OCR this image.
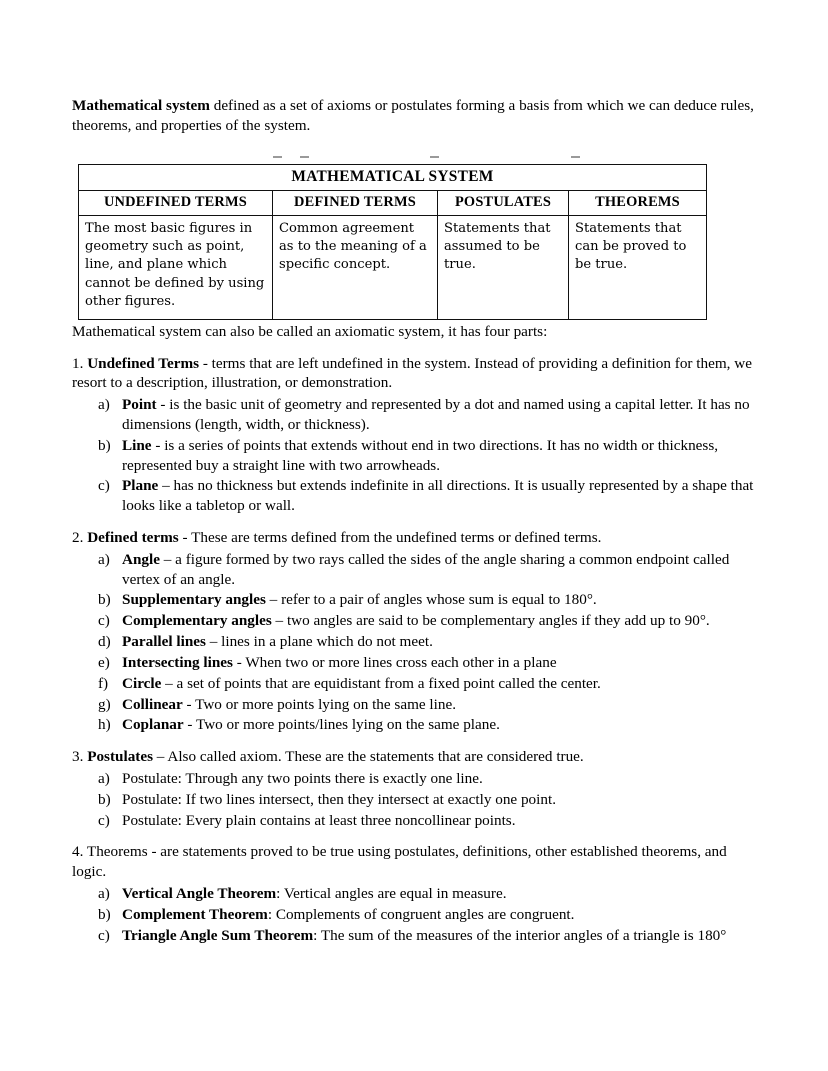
Mathematical system defined as a set of axioms or postulates forming a basis from which we can deduce rules, theorems, and properties of the system.

MATHEMATICAL SYSTEM			
UNDEFINED TERMS	DEFINED TERMS	POSTULATES	THEOREMS
The most basic figures in geometry such as point, line, and plane which cannot be defined by using other figures.	Common agreement as to the meaning of a specific concept.	Statements that assumed to be true.	Statements that can be proved to be true.

Mathematical system can also be called an axiomatic system, it has four parts:

1. Undefined Terms - terms that are left undefined in the system. Instead of providing a definition for them, we resort to a description, illustration, or demonstration.

a) Point - is the basic unit of geometry and represented by a dot and named using a capital letter. It has no dimensions (length, width, or thickness).
b) Line - is a series of points that extends without end in two directions. It has no width or thickness, represented buy a straight line with two arrowheads.
c) Plane – has no thickness but extends indefinite in all directions. It is usually represented by a shape that looks like a tabletop or wall.

2. Defined terms - These are terms defined from the undefined terms or defined terms.

a) Angle – a figure formed by two rays called the sides of the angle sharing a common endpoint called vertex of an angle.
b) Supplementary angles – refer to a pair of angles whose sum is equal to 180°.
c) Complementary angles – two angles are said to be complementary angles if they add up to 90°.
d) Parallel lines – lines in a plane which do not meet.
e) Intersecting lines - When two or more lines cross each other in a plane
f) Circle – a set of points that are equidistant from a fixed point called the center.
g) Collinear - Two or more points lying on the same line.
h) Coplanar - Two or more points/lines lying on the same plane.

3. Postulates – Also called axiom. These are the statements that are considered true.

a) Postulate: Through any two points there is exactly one line.
b) Postulate: If two lines intersect, then they intersect at exactly one point.
c) Postulate: Every plain contains at least three noncollinear points.

4. Theorems - are statements proved to be true using postulates, definitions, other established theorems, and logic.

a) Vertical Angle Theorem: Vertical angles are equal in measure.
b) Complement Theorem: Complements of congruent angles are congruent.
c) Triangle Angle Sum Theorem: The sum of the measures of the interior angles of a triangle is 180°
